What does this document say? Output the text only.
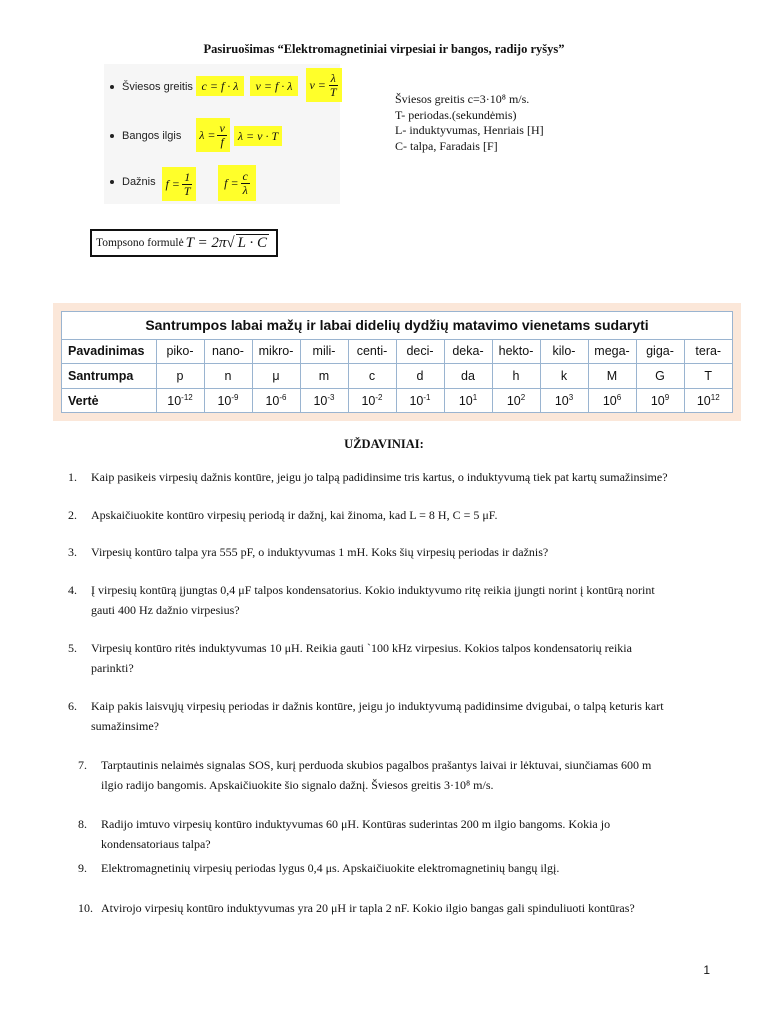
Pasiruošimas “Elektromagnetiniai virpesiai ir bangos, radijo ryšys”
Šviesos greitis c = f · λ	v = f · λ	$v = \frac{\lambda}{T}$
Bangos ilgis $\lambda = \frac{v}{f}$ λ = v · T
Dažnis $f = \frac{1}{T}$	$f = \frac{c}{\lambda}$
Šviesos greitis c=3·10⁸ m/s.
T- periodas.(sekundėmis)
L- induktyvumas, Henriais [H]
C- talpa, Faradais [F]
Tompsono formulė T = 2π√ L · C
Santrumpos labai mažų ir labai didelių dydžių matavimo vienetams sudaryti
Pavadinimas	piko-	nano-	mikro-	mili-	centi-	deci-	deka-	hekto-	kilo-	mega-	giga-	tera-
Santrumpa	p	n	μ	m	c	d	da	h	k	M	G	T
Vertė	$10^{-12}$	$10^{-9}$	$10^{-6}$	$10^{-3}$	$10^{-2}$	$10^{-1}$	$10^1$	$10^2$	$10^3$	$10^6$	$10^9$	$10^{12}$
UŽDAVINIAI:
1. Kaip pasikeis virpesių dažnis kontūre, jeigu jo talpą padidinsime tris kartus, o induktyvumą tiek pat kartų sumažinsime?
2. Apskaičiuokite kontūro virpesių periodą ir dažnį, kai žinoma, kad L = 8 H, C = 5 μF.
3. Virpesių kontūro talpa yra 555 pF, o induktyvumas 1 mH. Koks šių virpesių periodas ir dažnis?
4. Į virpesių kontūrą įjungtas 0,4 μF talpos kondensatorius. Kokio induktyvumo ritę reikia įjungti norint į kontūrą norint
gauti 400 Hz dažnio virpesius?
5. Virpesių kontūro ritės induktyvumas 10 μH. Reikia gauti `100 kHz virpesius. Kokios talpos kondensatorių reikia
parinkti?
6. Kaip pakis laisvųjų virpesių periodas ir dažnis kontūre, jeigu jo induktyvumą padidinsime dvigubai, o talpą keturis kart
sumažinsime?
7. Tarptautinis nelaimės signalas SOS, kurį perduoda skubios pagalbos prašantys laivai ir lėktuvai, siunčiamas 600 m
ilgio radijo bangomis. Apskaičiuokite šio signalo dažnį. Šviesos greitis 3·10⁸ m/s.
8. Radijo imtuvo virpesių kontūro induktyvumas 60 μH. Kontūras suderintas 200 m ilgio bangoms. Kokia jo
kondensatoriaus talpa?
9. Elektromagnetinių virpesių periodas lygus 0,4 μs. Apskaičiuokite elektromagnetinių bangų ilgį.
10. Atvirojo virpesių kontūro induktyvumas yra 20 μH ir tapla 2 nF. Kokio ilgio bangas gali spinduliuoti kontūras?
1
